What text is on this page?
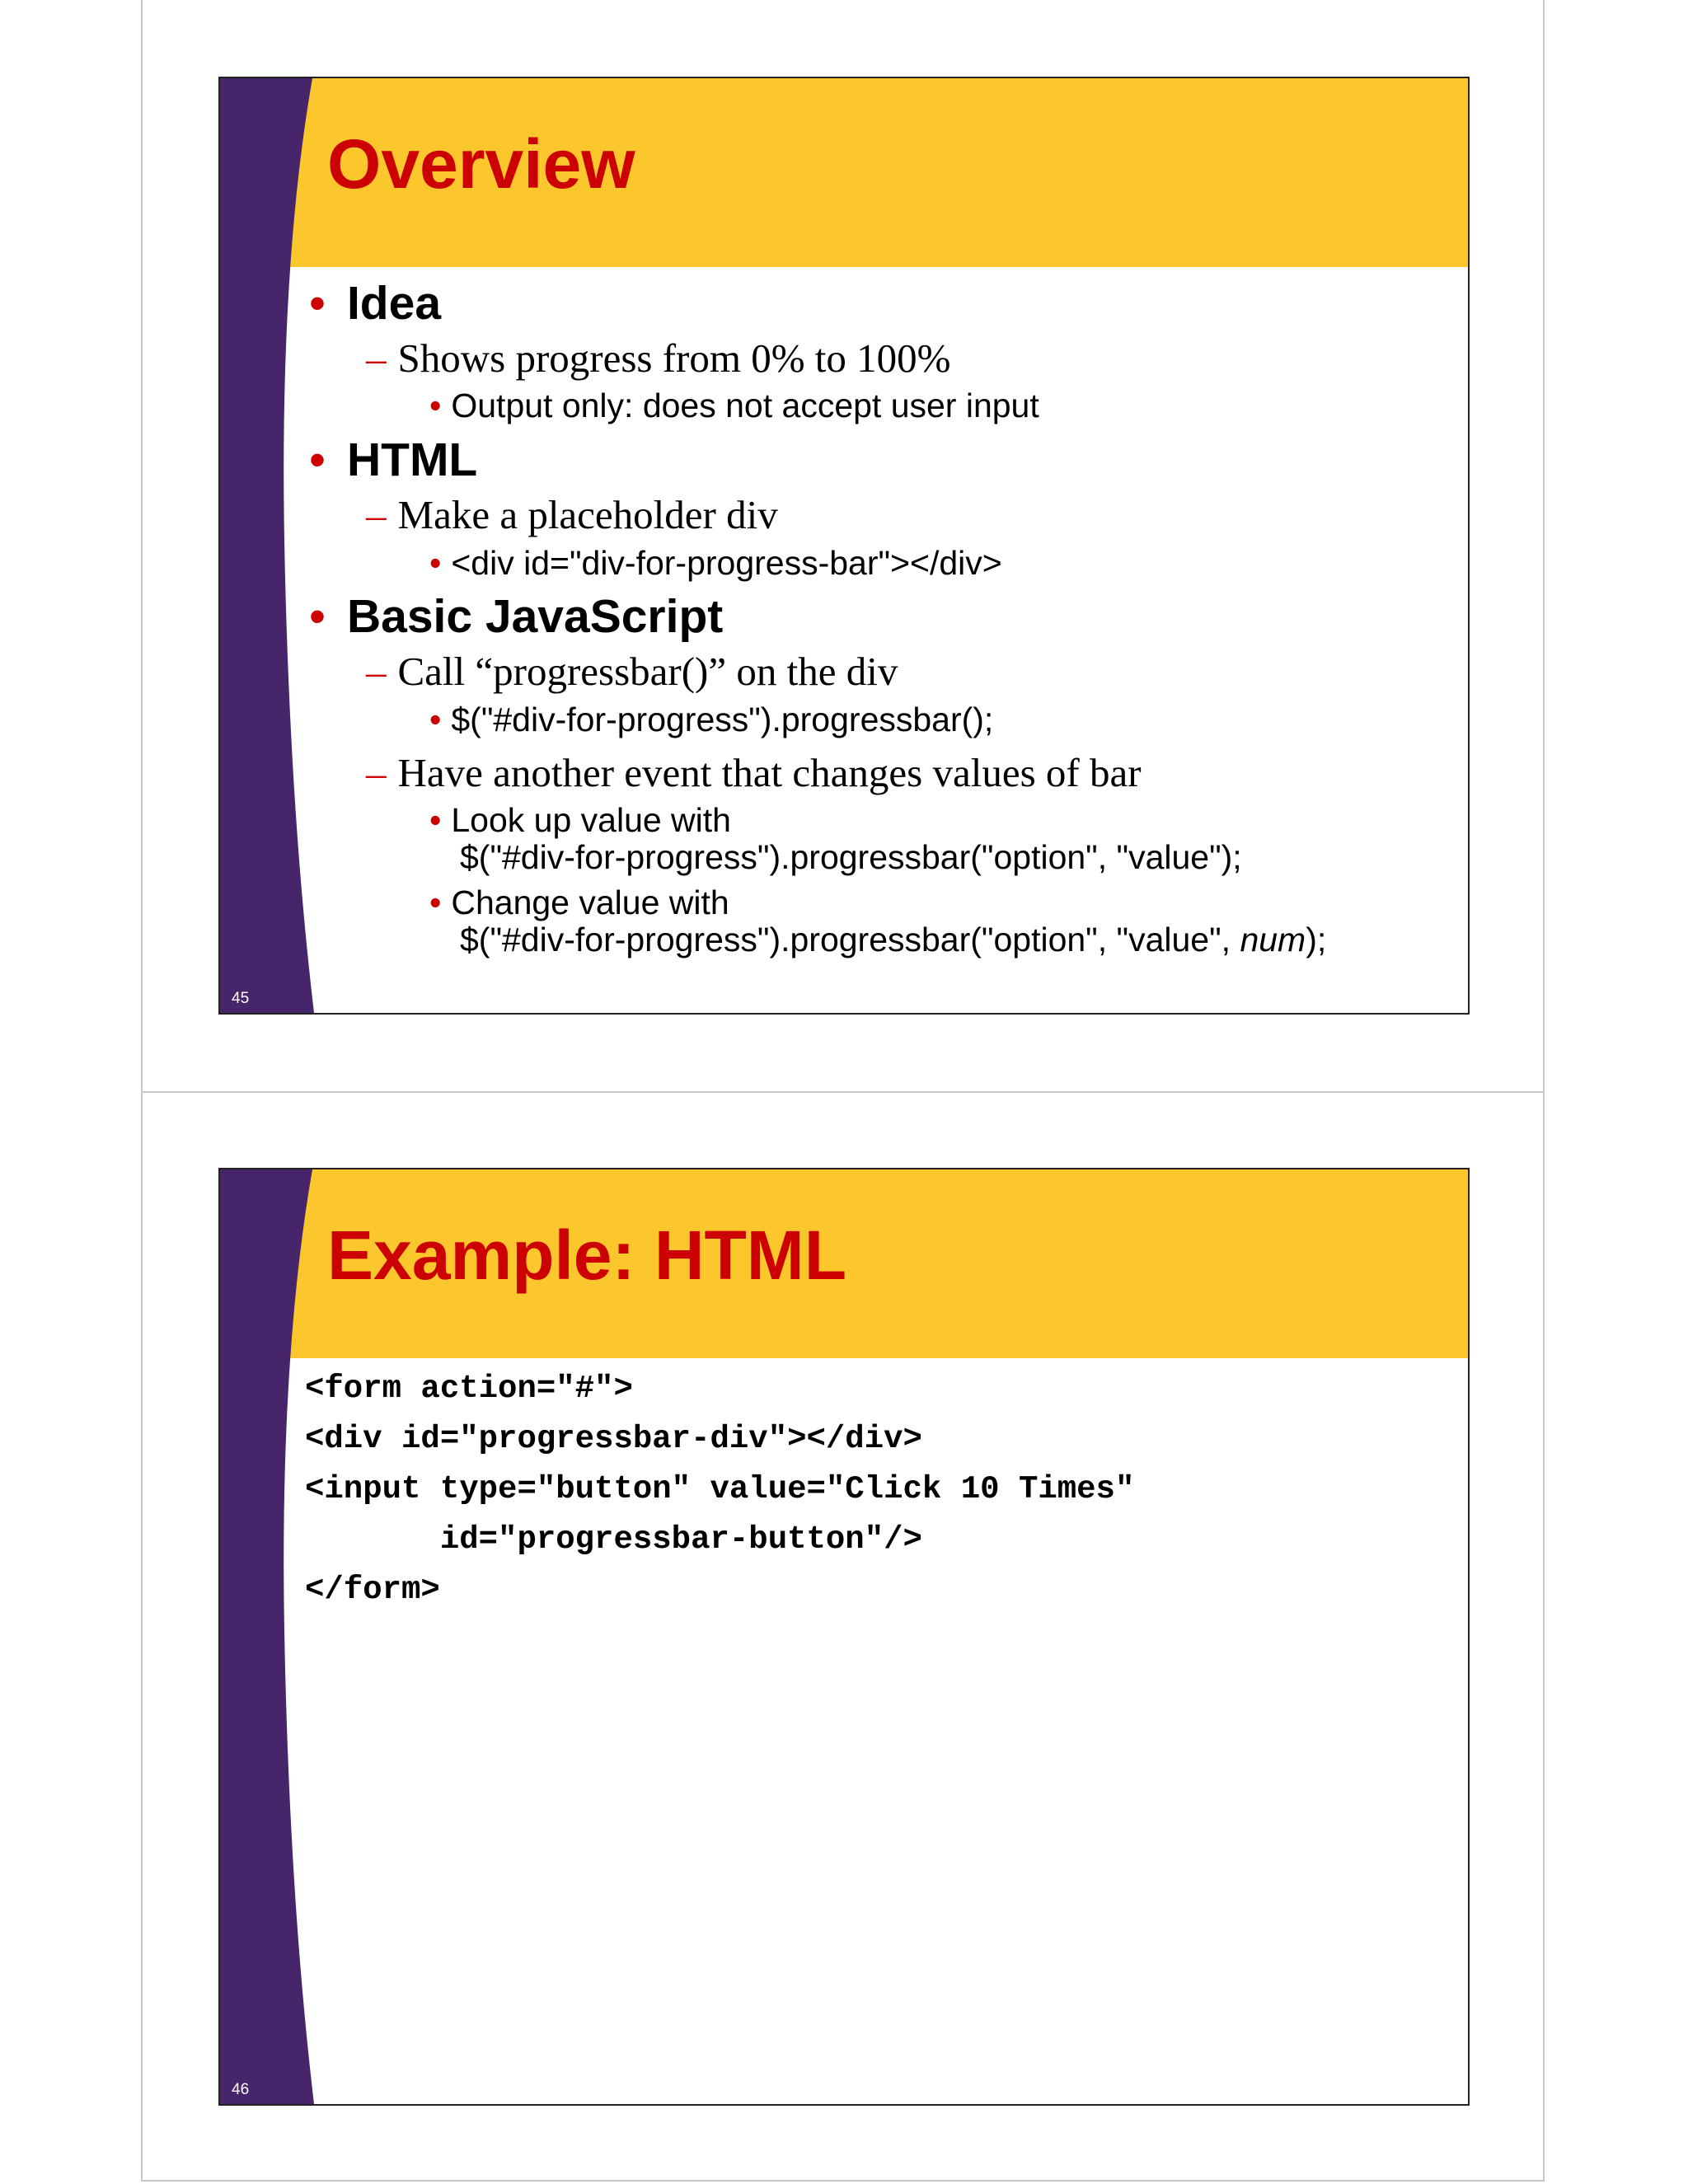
Overview
• Idea
– Shows progress from 0% to 100%
• Output only: does not accept user input
• HTML
– Make a placeholder div
• <div id="div-for-progress-bar"></div>
• Basic JavaScript
– Call “progressbar()” on the div
• $("#div-for-progress").progressbar();
– Have another event that changes values of bar
• Look up value with
$("#div-for-progress").progressbar("option", "value");
• Change value with
$("#div-for-progress").progressbar("option", "value", num);
45
Example: HTML
<form action="#">
<div id="progressbar-div"></div>
<input type="button" value="Click 10 Times"
id="progressbar-button"/>
</form>
46
